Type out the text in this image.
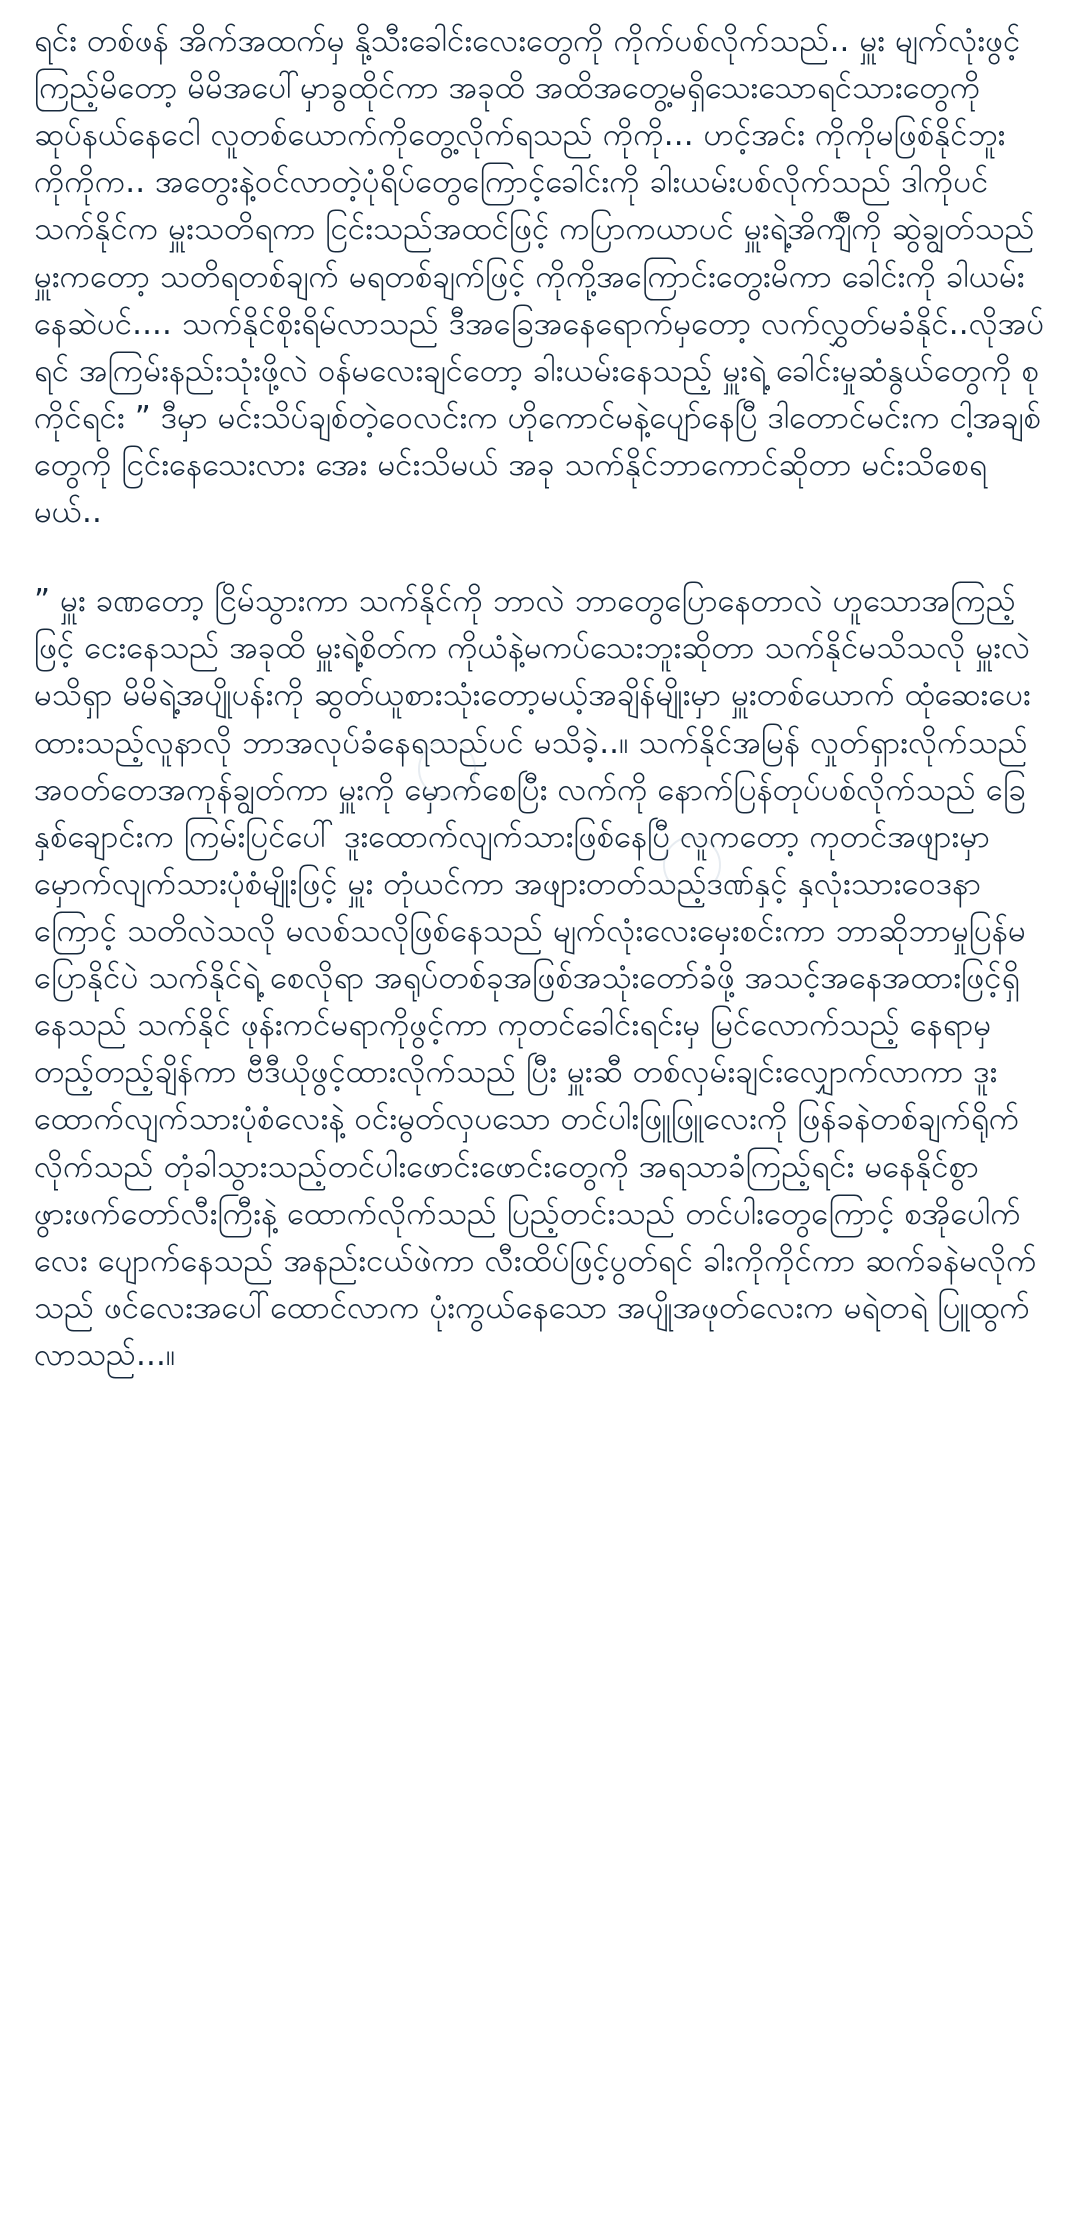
ရင်း တစ်ဖန် အိက်အထက်မှ နို့သီးခေါင်းလေးတွေကို ကိုက်ပစ်လိုက်သည်.. မှူး မျက်လုံးဖွင့်ကြည့်မိတော့ မိမိအပေါ်မှာခွထိုင်ကာ အခုထိ အထိအတွေ့မရှိသေးသောရင်သားတွေကို ဆုပ်နယ်နေငေါ လူတစ်ယောက်ကိုတွေ့လိုက်ရသည် ကိုကို... ဟင့်အင်း ကိုကိုမဖြစ်နိုင်ဘူး ကိုကိုက.. အတွေးနဲ့ဝင်လာတဲ့ပုံရိပ်တွေကြောင့်ခေါင်းကို ခါးယမ်းပစ်လိုက်သည် ဒါကိုပင် သက်နိုင်က မှူးသတိရကာ ငြင်းသည်အထင်ဖြင့် ကပြာကယာပင် မှူးရဲ့အိက်ျီကို ဆွဲချွတ်သည် မှူးကတော့ သတိရတစ်ချက် မရတစ်ချက်ဖြင့် ကိုကို့အကြောင်းတွေးမိကာ ခေါင်းကို ခါယမ်းနေဆဲပင်.... သက်နိုင်စိုးရိမ်လာသည် ဒီအခြေအနေရောက်မှတော့ လက်လွှတ်မခံနိုင်..လိုအပ်ရင် အကြမ်းနည်းသုံးဖို့လဲ ဝန်မလေးချင်တော့ ခါးယမ်းနေသည့် မှူးရဲ့ ခေါင်းမှုဆံနွယ်တွေကို စုကိုင်ရင်း ” ဒီမှာ မင်းသိပ်ချစ်တဲ့ဝေလင်းက ဟိုကောင်မနဲ့ပျော်နေပြီ ဒါတောင်မင်းက ငါ့အချစ်တွေကို ငြင်းနေသေးလား အေး မင်းသိမယ် အခု သက်နိုင်ဘာကောင်ဆိုတာ မင်းသိစေရမယ်..

” မှူး ခဏတော့ ငြိမ်သွားကာ သက်နိုင်ကို ဘာလဲ ဘာတွေပြောနေတာလဲ ဟူသောအကြည့်ဖြင့် ငေးနေသည် အခုထိ မှူးရဲ့စိတ်က ကိုယံနဲ့မကပ်သေးဘူးဆိုတာ သက်နိုင်မသိသလို မှူးလဲမသိရှာ မိမိရဲ့အပျိုပန်းကို ဆွတ်ယူစားသုံးတော့မယ့်အချိန်မျိုးမှာ မှူးတစ်ယောက် ထုံဆေးပေးထားသည့်လူနာလို ဘာအလုပ်ခံနေရသည်ပင် မသိခဲ့..။ သက်နိုင်အမြန် လှုတ်ရှားလိုက်သည် အဝတ်တေအကုန်ချွတ်ကာ မှူးကို မှောက်စေပြီး လက်ကို နောက်ပြန်တုပ်ပစ်လိုက်သည် ခြေနှစ်ချောင်းက ကြမ်းပြင်ပေါ် ဒူးထောက်လျက်သားဖြစ်နေပြီ လူကတော့ ကုတင်အဖျားမှာ မှောက်လျက်သားပုံစံမျိုးဖြင့် မှူး တုံယင်ကာ အဖျားတတ်သည့်ဒဏ်နှင့် နှလုံးသားဝေဒနာကြောင့် သတိလဲသလို မလစ်သလိုဖြစ်နေသည် မျက်လုံးလေးမှေးစင်းကာ ဘာဆိုဘာမှုပြန်မပြောနိုင်ပဲ သက်နိုင်ရဲ့ စေလိုရာ အရုပ်တစ်ခုအဖြစ်အသုံးတော်ခံဖို့ အသင့်အနေအထားဖြင့်ရှိနေသည် သက်နိုင် ဖုန်းကင်မရာကိုဖွင့်ကာ ကုတင်ခေါင်းရင်းမှ မြင်လောက်သည့် နေရာမှ တည့်တည့်ချိန်ကာ ဗီဒီယိုဖွင့်ထားလိုက်သည် ပြီး မှူးဆီ တစ်လှမ်းချင်းလျှောက်လာကာ ဒူးထောက်လျက်သားပုံစံလေးနဲ့ ဝင်းမွတ်လှပသော တင်ပါးဖြူဖြူလေးကို ဖြန်ခနဲတစ်ချက်ရိုက်လိုက်သည် တုံခါသွားသည့်တင်ပါးဖောင်းဖောင်းတွေကို အရသာခံကြည့်ရင်း မနေနိုင်စွာ ဖွားဖက်တော်လီးကြီးနဲ့ ထောက်လိုက်သည် ပြည့်တင်းသည် တင်ပါးတွေကြောင့် စအိုပေါက်လေး ပျောက်နေသည် အနည်းငယ်ဖဲကာ လီးထိပ်ဖြင့်ပွတ်ရင် ခါးကိုကိုင်ကာ ဆက်ခနဲမလိုက်သည် ဖင်လေးအပေါ်ထောင်လာက ပုံးကွယ်နေသော အပျိုအဖုတ်လေးက မရဲတရဲ ပြူထွက်လာသည်...။
